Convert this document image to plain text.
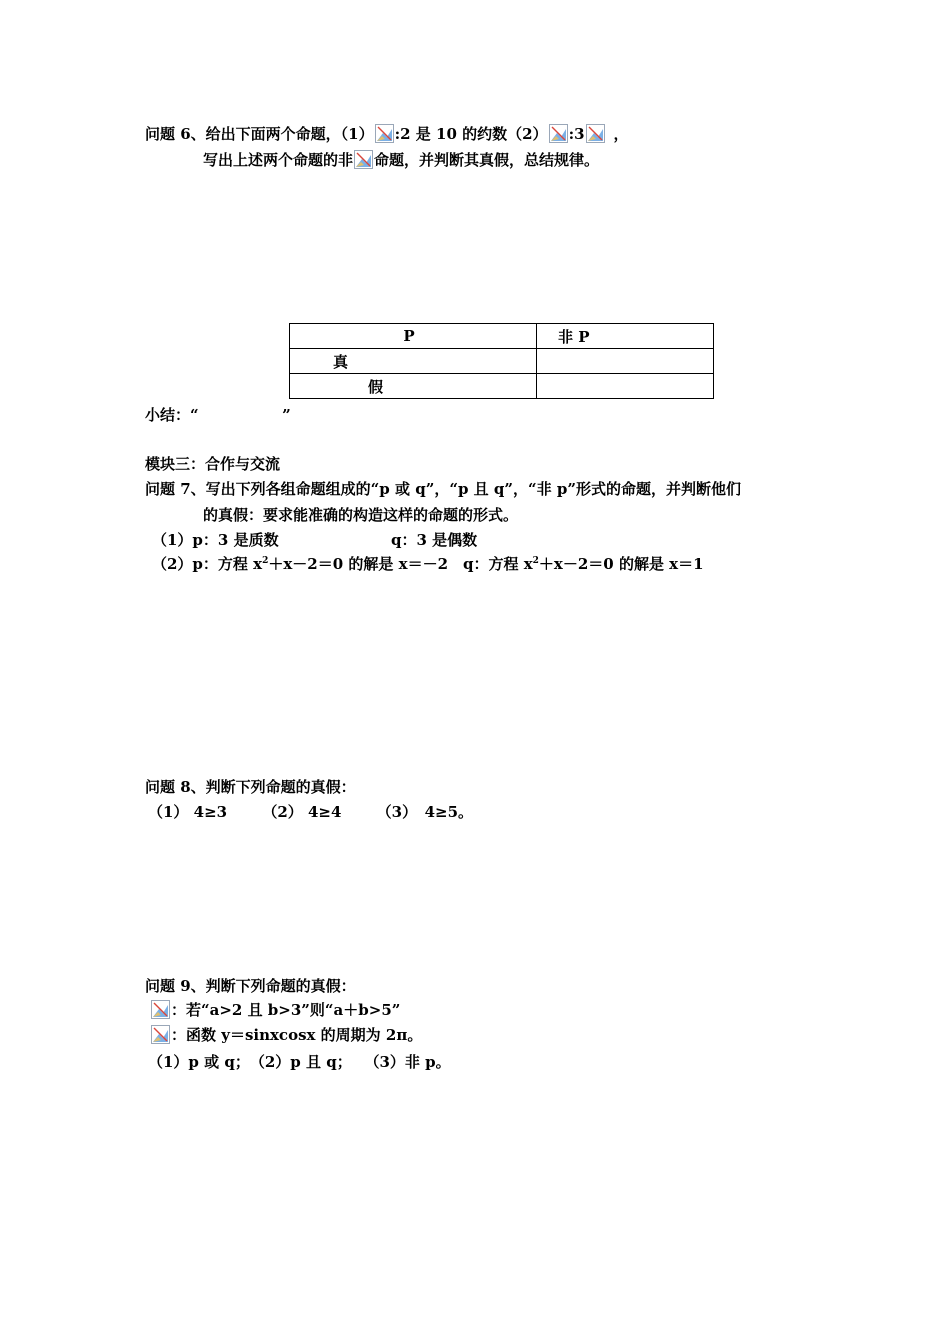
问题 6、给出下面两个命题，（1） :2 是 10 的约数（2） :3 ，
写出上述两个命题的非 命题，并判断其真假，总结规律。
P	非 P
真	
假	
小结：“                ”
模块三：合作与交流
问题 7、写出下列各组命题组成的“p 或 q”，“p 且 q”，“非 p”形式的命题，并判断他们
的真假：要求能准确的构造这样的命题的形式。
（1）p：3 是质数	q：3 是偶数
（2）p：方程 $x^2+x-2=0$ 的解是 x＝－2　q：方程 $x^2+x-2=0$ 的解是 x＝1
问题 8、判断下列命题的真假：
（1） 4≥3　　 （2） 4≥4　　 （3）　4≥5。
问题 9、判断下列命题的真假：
：若“a>2 且 b>3”则“a＋b>5”
：函数 y＝sinxcosx 的周期为 2π。
（1）p 或 q；　（2）p 且 q；　 （3）非 p。
